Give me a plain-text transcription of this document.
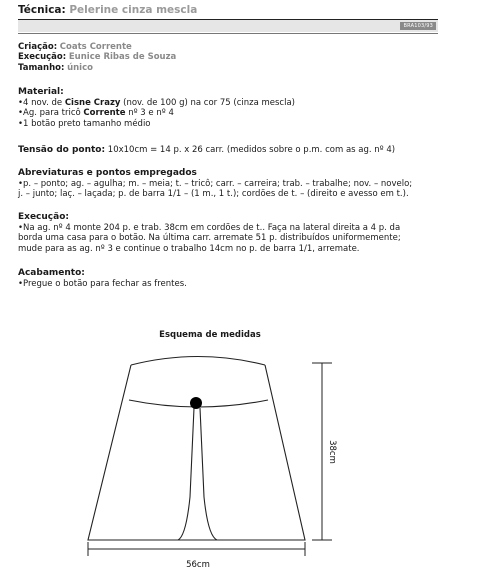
Técnica: Pelerine cinza mescla
BRA103/93
Criação: Coats Corrente
Execução: Eunice Ribas de Souza
Tamanho: único
Material:
•4 nov. de Cisne Crazy (nov. de 100 g) na cor 75 (cinza mescla)
•Ag. para tricô Corrente nº 3 e nº 4
•1 botão preto tamanho médio
Tensão do ponto: 10x10cm = 14 p. x 26 carr. (medidos sobre o p.m. com as ag. nº 4)
Abreviaturas e pontos empregados
•p. – ponto; ag. – agulha; m. – meia; t. – tricô; carr. – carreira; trab. – trabalhe; nov. – novelo;
j. – junto; laç. – laçada; p. de barra 1/1 – (1 m., 1 t.); cordões de t. – (direito e avesso em t.).
Execução:
•Na ag. nº 4 monte 204 p. e trab. 38cm em cordões de t.. Faça na lateral direita a 4 p. da
borda uma casa para o botão. Na última carr. arremate 51 p. distribuídos uniformemente;
mude para as ag. nº 3 e continue o trabalho 14cm no p. de barra 1/1, arremate.
Acabamento:
•Pregue o botão para fechar as frentes.
Esquema de medidas
38cm
56cm
